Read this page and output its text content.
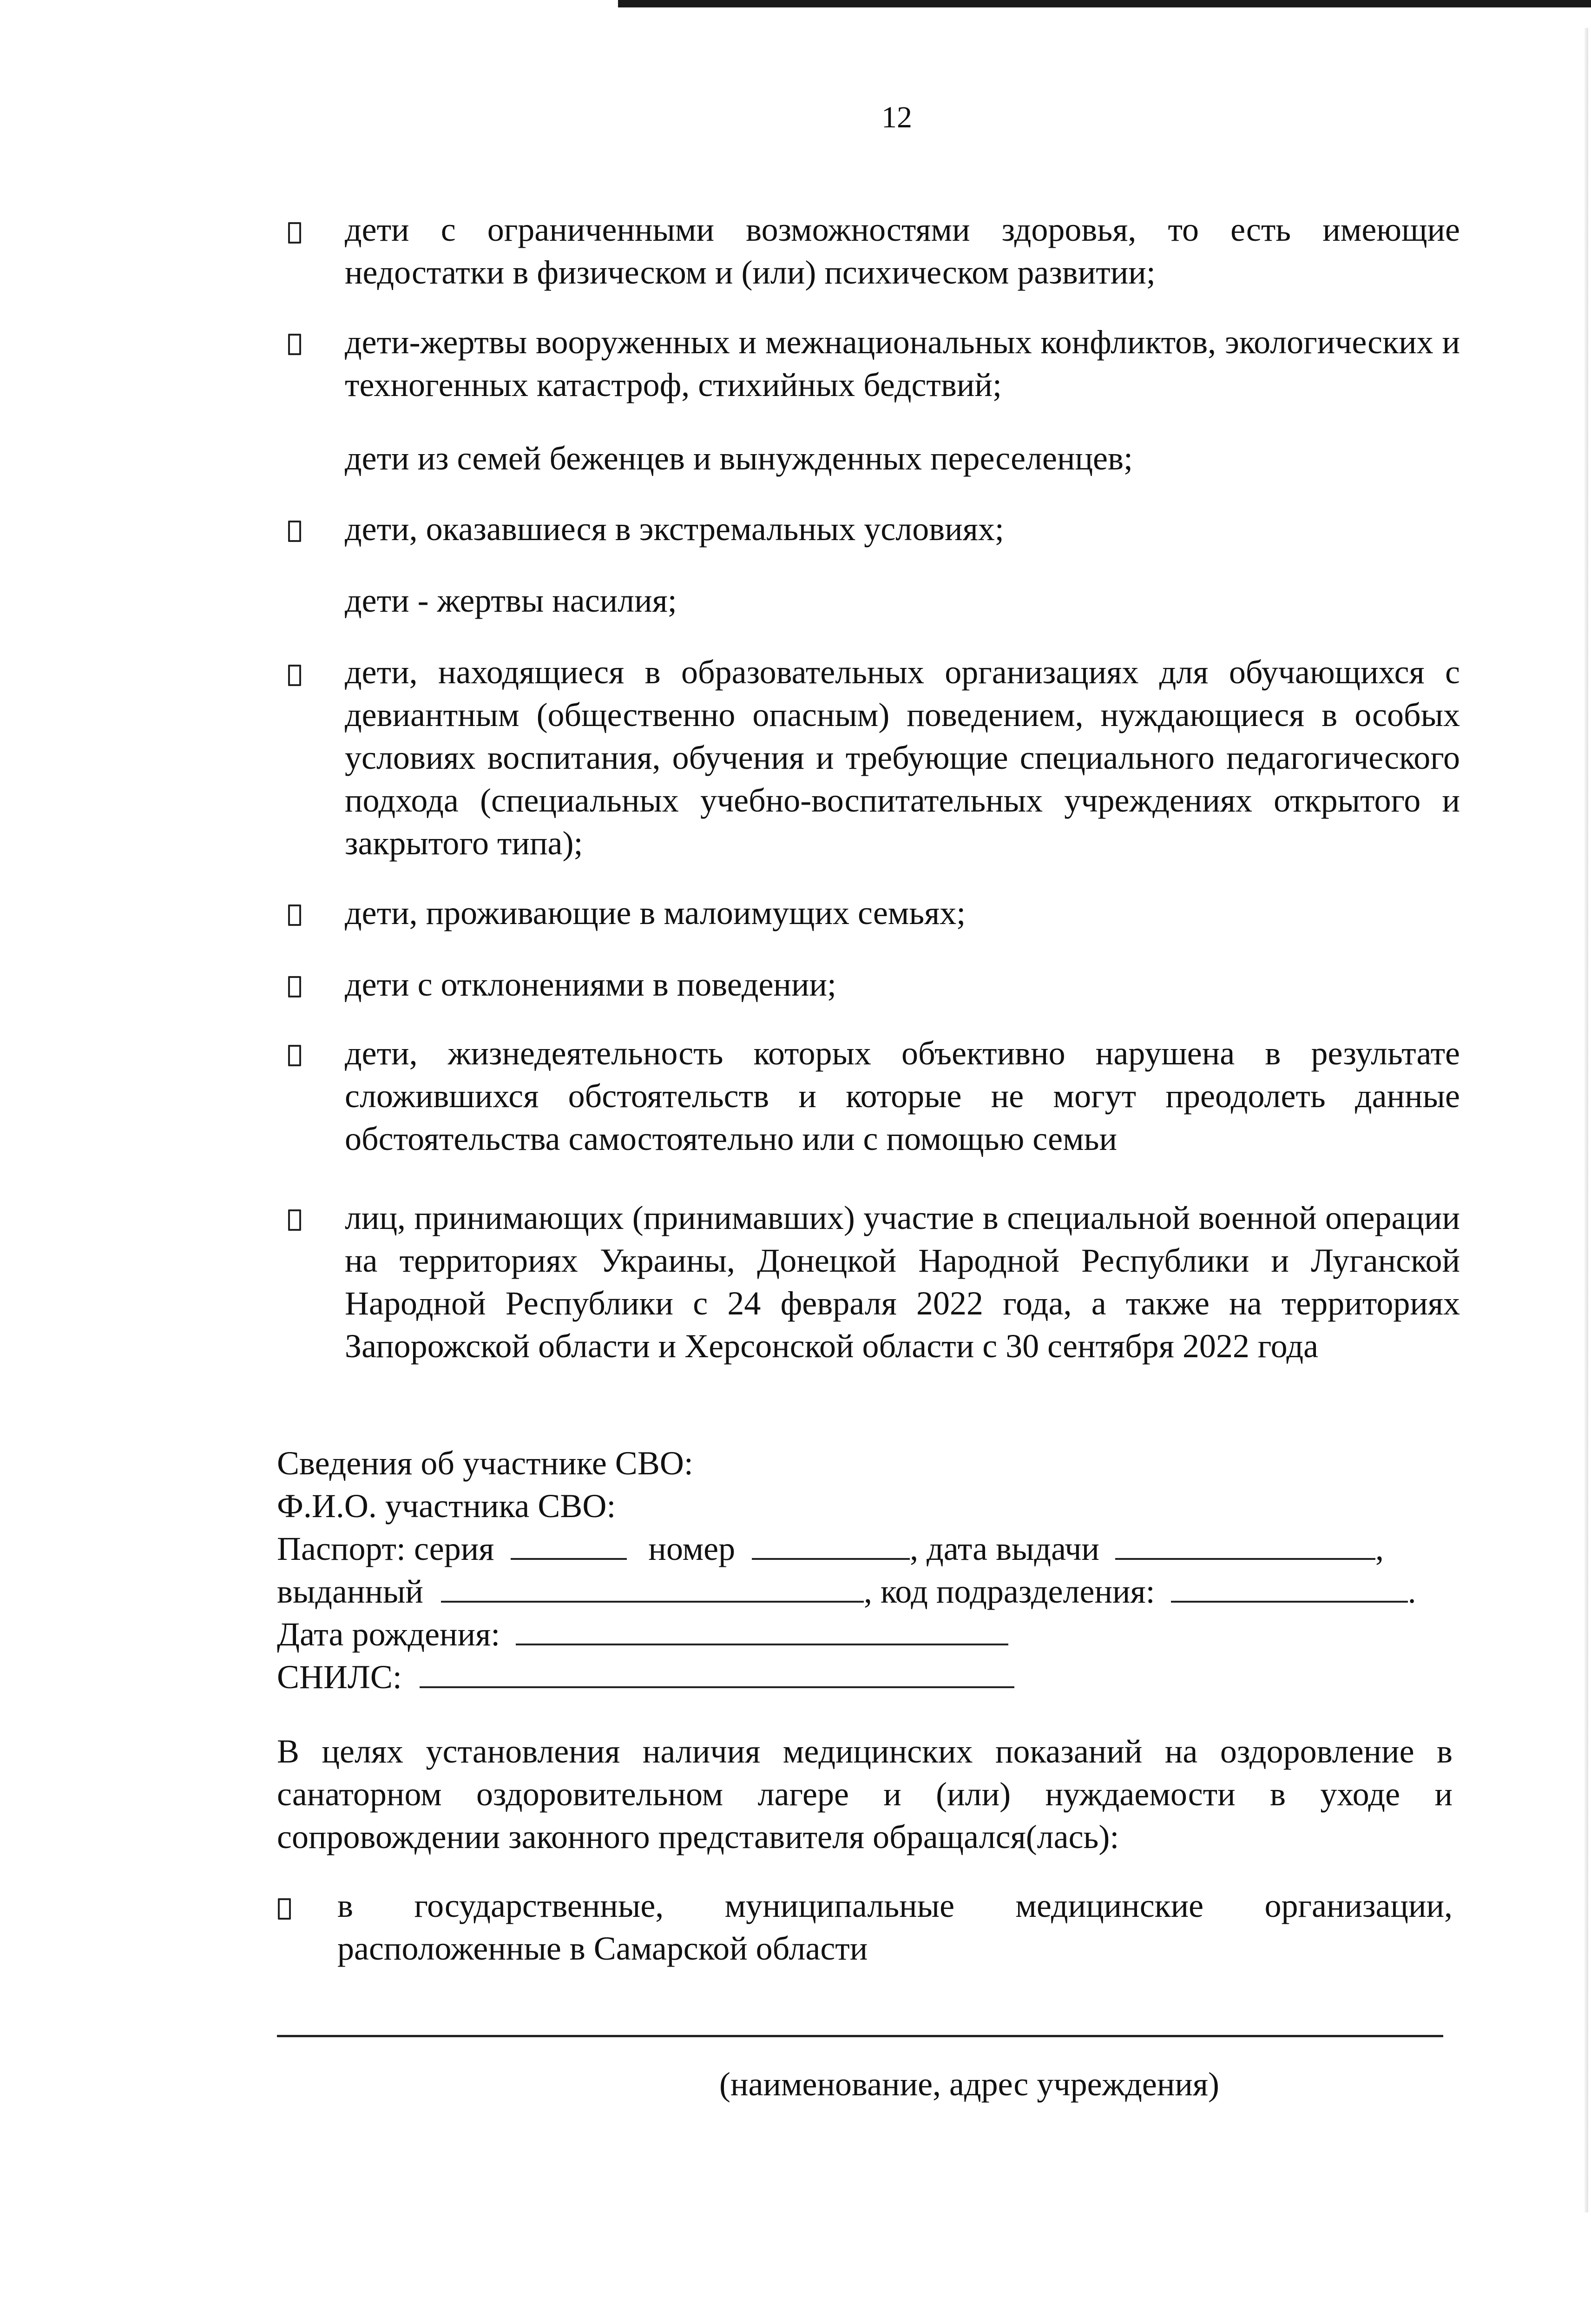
12
дети с ограниченными возможностями здоровья, то есть имеющие недостатки в физическом и (или) психическом развитии;
дети-жертвы вооруженных и межнациональных конфликтов, экологических и техногенных катастроф, стихийных бедствий;
дети из семей беженцев и вынужденных переселенцев;
дети, оказавшиеся в экстремальных условиях;
дети - жертвы насилия;
дети, находящиеся в образовательных организациях для обучающихся с девиантным (общественно опасным) поведением, нуждающиеся в особых условиях воспитания, обучения и требующие специального педагогического подхода (специальных учебно-воспитательных учреждениях открытого и закрытого типа);
дети, проживающие в малоимущих семьях;
дети с отклонениями в поведении;
дети, жизнедеятельность которых объективно нарушена в результате сложившихся обстоятельств и которые не могут преодолеть данные обстоятельства самостоятельно или с помощью семьи
лиц, принимающих (принимавших) участие в специальной военной операции на территориях Украины, Донецкой Народной Республики и Луганской Народной Республики с 24 февраля 2022 года, а также на территориях Запорожской области и Херсонской области с 30 сентября 2022 года
Сведения об участнике СВО:
Ф.И.О. участника СВО:
Паспорт: серия	номер	, дата выдачи	,
выданный	, код подразделения:	.
Дата рождения:
СНИЛС:
В целях установления наличия медицинских показаний на оздоровление в санаторном оздоровительном лагере и (или) нуждаемости в уходе и сопровождении законного представителя обращался(лась):
в государственные, муниципальные медицинские организации, расположенные в Самарской области
(наименование, адрес учреждения)
